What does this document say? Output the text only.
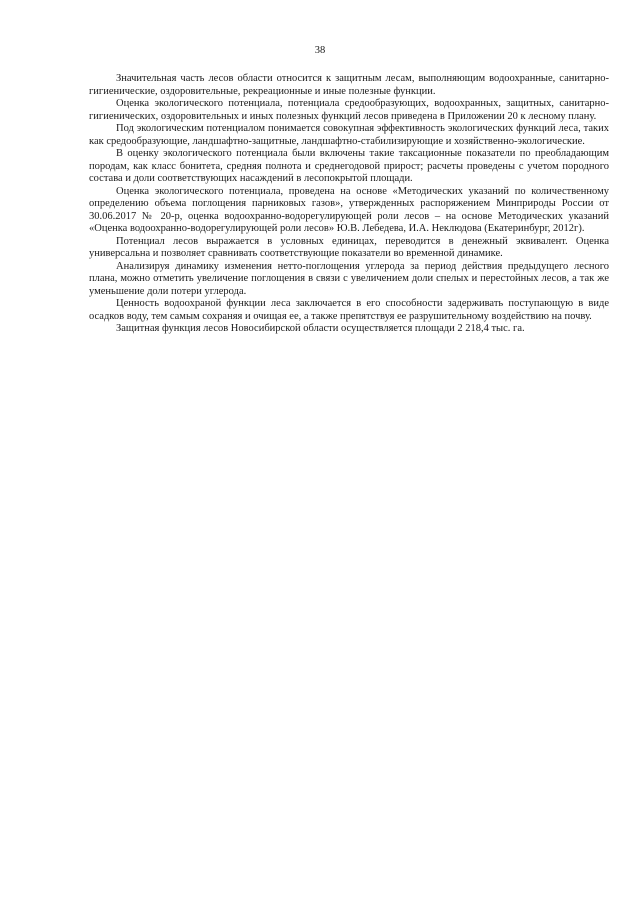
38

Значительная часть лесов области относится к защитным лесам, выполняющим водоохранные, санитарно-гигиенические, оздоровительные, рекреационные и иные полезные функции.

Оценка экологического потенциала, потенциала средообразующих, водоохранных, защитных, санитарно-гигиенических, оздоровительных и иных полезных функций лесов приведена в Приложении 20 к лесному плану.

Под экологическим потенциалом понимается совокупная эффективность экологических функций леса, таких как средообразующие, ландшафтно-защитные, ландшафтно-стабилизирующие и хозяйственно-экологические.

В оценку экологического потенциала были включены такие таксационные показатели по преобладающим породам, как класс бонитета, средняя полнота и среднегодовой прирост; расчеты проведены с учетом породного состава и доли соответствующих насаждений в лесопокрытой площади.

Оценка экологического потенциала, проведена на основе «Методических указаний по количественному определению объема поглощения парниковых газов», утвержденных распоряжением Минприроды России от 30.06.2017 № 20-р, оценка водоохранно-водорегулирующей роли лесов – на основе Методических указаний «Оценка водоохранно-водорегулирующей роли лесов» Ю.В. Лебедева, И.А. Неклюдова (Екатеринбург, 2012г).

Потенциал лесов выражается в условных единицах, переводится в денежный эквивалент. Оценка универсальна и позволяет сравнивать соответствующие показатели во временной динамике.

Анализируя динамику изменения нетто-поглощения углерода за период действия предыдущего лесного плана, можно отметить увеличение поглощения в связи с увеличением доли спелых и перестойных лесов, а так же уменьшение доли потери углерода.

Ценность водоохраной функции леса заключается в его способности задерживать поступающую в виде осадков воду, тем самым сохраняя и очищая ее, а также препятствуя ее разрушительному воздействию на почву.

Защитная функция лесов Новосибирской области осуществляется площади 2 218,4 тыс. га.
